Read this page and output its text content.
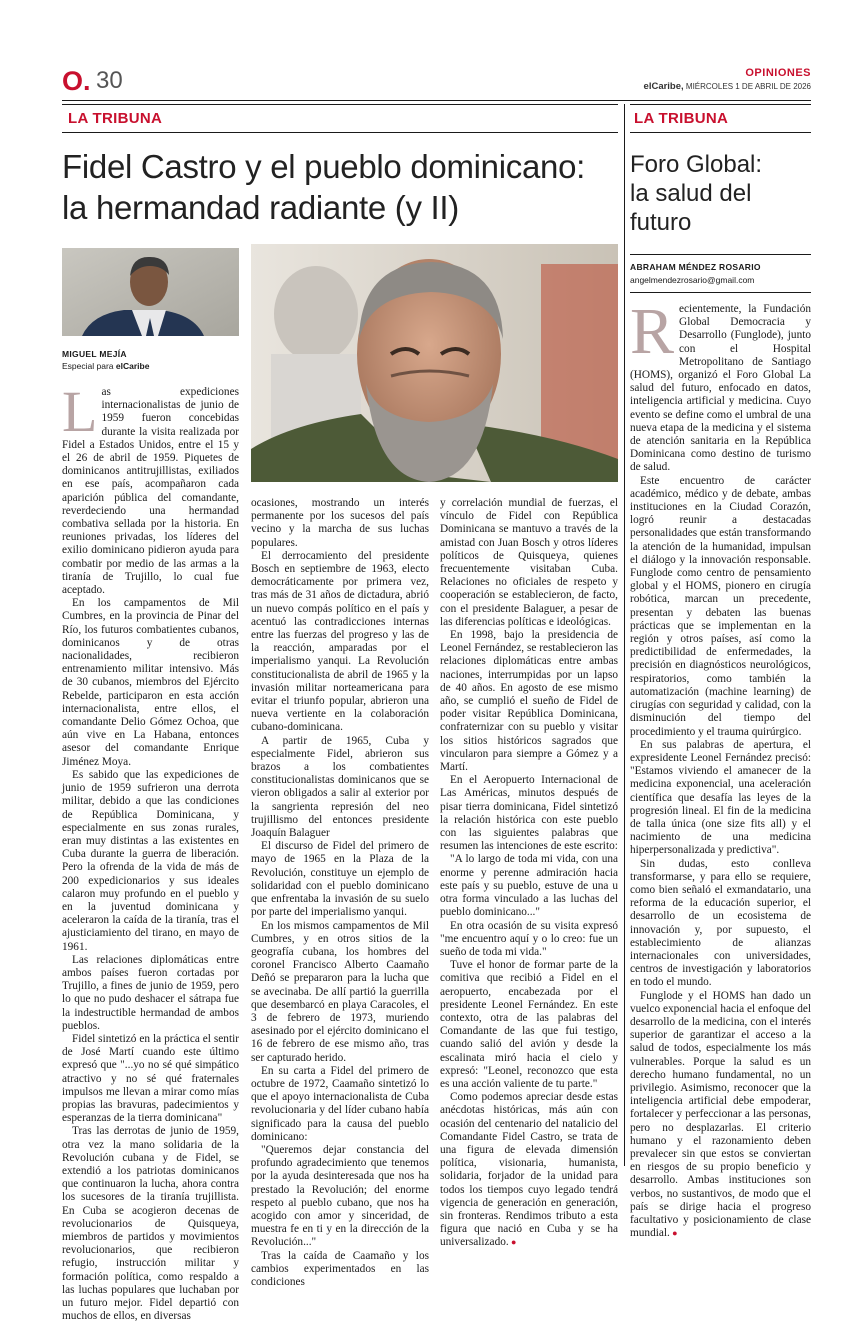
O. 30	OPINIONES
elCaribe, MIÉRCOLES 1 DE ABRIL DE 2026
LA TRIBUNA
Fidel Castro y el pueblo dominicano:
la hermandad radiante (y II)
MIGUEL MEJÍA
Especial para elCaribe

Las expediciones internacionalistas de junio de 1959 fueron concebidas durante la visita realizada por Fidel a Estados Unidos, entre el 15 y el 26 de abril de 1959. Piquetes de dominicanos antitrujillistas, exiliados en ese país, acompañaron cada aparición pública del comandante, reverdeciendo una hermandad combativa sellada por la historia. En reuniones privadas, los líderes del exilio dominicano pidieron ayuda para combatir por medio de las armas a la tiranía de Trujillo, lo cual fue aceptado.

En los campamentos de Mil Cumbres, en la provincia de Pinar del Río, los futuros combatientes cubanos, dominicanos y de otras nacionalidades, recibieron entrenamiento militar intensivo. Más de 30 cubanos, miembros del Ejército Rebelde, participaron en esta acción internacionalista, entre ellos, el comandante Delio Gómez Ochoa, que aún vive en La Habana, entonces asesor del comandante Enrique Jiménez Moya.

Es sabido que las expediciones de junio de 1959 sufrieron una derrota militar, debido a que las condiciones de República Dominicana, y especialmente en sus zonas rurales, eran muy distintas a las existentes en Cuba durante la guerra de liberación. Pero la ofrenda de la vida de más de 200 expedicionarios y sus ideales calaron muy profundo en el pueblo y en la juventud dominicana y aceleraron la caída de la tiranía, tras el ajusticiamiento del tirano, en mayo de 1961.

Las relaciones diplomáticas entre ambos países fueron cortadas por Trujillo, a fines de junio de 1959, pero lo que no pudo deshacer el sátrapa fue la indestructible hermandad de ambos pueblos.

Fidel sintetizó en la práctica el sentir de José Martí cuando este último expresó que "...yo no sé qué simpático atractivo y no sé qué fraternales impulsos me llevan a mirar como mías propias las bravuras, padecimientos y esperanzas de la tierra dominicana"

Tras las derrotas de junio de 1959, otra vez la mano solidaria de la Revolución cubana y de Fidel, se extendió a los patriotas dominicanos que continuaron la lucha, ahora contra los sucesores de la tiranía trujillista. En Cuba se acogieron decenas de revolucionarios de Quisqueya, miembros de partidos y movimientos revolucionarios, que recibieron refugio, instrucción militar y formación política, como respaldo a las luchas populares que luchaban por un futuro mejor. Fidel departió con muchos de ellos, en diversas

ocasiones, mostrando un interés permanente por los sucesos del país vecino y la marcha de sus luchas populares.

El derrocamiento del presidente Bosch en septiembre de 1963, electo democráticamente por primera vez, tras más de 31 años de dictadura, abrió un nuevo compás político en el país y acentuó las contradicciones internas entre las fuerzas del progreso y las de la reacción, amparadas por el imperialismo yanqui. La Revolución constitucionalista de abril de 1965 y la invasión militar norteamericana para evitar el triunfo popular, abrieron una nueva vertiente en la colaboración cubano-dominicana.

A partir de 1965, Cuba y especialmente Fidel, abrieron sus brazos a los combatientes constitucionalistas dominicanos que se vieron obligados a salir al exterior por la sangrienta represión del neo trujillismo del entonces presidente Joaquín Balaguer

El discurso de Fidel del primero de mayo de 1965 en la Plaza de la Revolución, constituye un ejemplo de solidaridad con el pueblo dominicano que enfrentaba la invasión de su suelo por parte del imperialismo yanqui.

En los mismos campamentos de Mil Cumbres, y en otros sitios de la geografía cubana, los hombres del coronel Francisco Alberto Caamaño Deñó se prepararon para la lucha que se avecinaba. De allí partió la guerrilla que desembarcó en playa Caracoles, el 3 de febrero de 1973, muriendo asesinado por el ejército dominicano el 16 de febrero de ese mismo año, tras ser capturado herido.

En su carta a Fidel del primero de octubre de 1972, Caamaño sintetizó lo que el apoyo internacionalista de Cuba revolucionaria y del líder cubano había significado para la causa del pueblo dominicano:

"Queremos dejar constancia del profundo agradecimiento que tenemos por la ayuda desinteresada que nos ha prestado la Revolución; del enorme respeto al pueblo cubano, que nos ha acogido con amor y sinceridad, de muestra fe en ti y en la dirección de la Revolución..."

Tras la caída de Caamaño y los cambios experimentados en las condiciones

y correlación mundial de fuerzas, el vínculo de Fidel con República Dominicana se mantuvo a través de la amistad con Juan Bosch y otros líderes políticos de Quisqueya, quienes frecuentemente visitaban Cuba. Relaciones no oficiales de respeto y cooperación se establecieron, de facto, con el presidente Balaguer, a pesar de las diferencias políticas e ideológicas.

En 1998, bajo la presidencia de Leonel Fernández, se restablecieron las relaciones diplomáticas entre ambas naciones, interrumpidas por un lapso de 40 años. En agosto de ese mismo año, se cumplió el sueño de Fidel de poder visitar República Dominicana, confraternizar con su pueblo y visitar los sitios históricos sagrados que vincularon para siempre a Gómez y a Martí.

En el Aeropuerto Internacional de Las Américas, minutos después de pisar tierra dominicana, Fidel sintetizó la relación histórica con este pueblo con las siguientes palabras que resumen las intenciones de este escrito:

"A lo largo de toda mi vida, con una enorme y perenne admiración hacia este país y su pueblo, estuve de una u otra forma vinculado a las luchas del pueblo dominicano..."

En otra ocasión de su visita expresó "me encuentro aquí y o lo creo: fue un sueño de toda mi vida."

Tuve el honor de formar parte de la comitiva que recibió a Fidel en el aeropuerto, encabezada por el presidente Leonel Fernández. En este contexto, otra de las palabras del Comandante de las que fui testigo, cuando salió del avión y desde la escalinata miró hacia el cielo y expresó: "Leonel, reconozco que esta es una acción valiente de tu parte."

Como podemos apreciar desde estas anécdotas históricas, más aún con ocasión del centenario del natalicio del Comandante Fidel Castro, se trata de una figura de elevada dimensión política, visionaria, humanista, solidaria, forjador de la unidad para todos los tiempos cuyo legado tendrá vigencia de generación en generación, sin fronteras. Rendimos tributo a esta figura que nació en Cuba y se ha universalizado. ●

LA TRIBUNA
Foro Global:
la salud del
futuro
ABRAHAM MÉNDEZ ROSARIO
angelmendezrosario@gmail.com

Recientemente, la Fundación Global Democracia y Desarrollo (Funglode), junto con el Hospital Metropolitano de Santiago (HOMS), organizó el Foro Global La salud del futuro, enfocado en datos, inteligencia artificial y medicina. Cuyo evento se define como el umbral de una nueva etapa de la medicina y el sistema de atención sanitaria en la República Dominicana como destino de turismo de salud.

Este encuentro de carácter académico, médico y de debate, ambas instituciones en la Ciudad Corazón, logró reunir a destacadas personalidades que están transformando la atención de la humanidad, impulsan el diálogo y la innovación responsable. Funglode como centro de pensamiento global y el HOMS, pionero en cirugía robótica, marcan un precedente, presentan y debaten las buenas prácticas que se implementan en la región y otros países, así como la predictibilidad de enfermedades, la precisión en diagnósticos neurológicos, respiratorios, como también la automatización (machine learning) de cirugías con seguridad y calidad, con la disminución del tiempo del procedimiento y el trauma quirúrgico.

En sus palabras de apertura, el expresidente Leonel Fernández precisó: "Estamos viviendo el amanecer de la medicina exponencial, una aceleración científica que desafía las leyes de la progresión lineal. El fin de la medicina de talla única (one size fits all) y el nacimiento de una medicina hiperpersonalizada y predictiva".

Sin dudas, esto conlleva transformarse, y para ello se requiere, como bien señaló el exmandatario, una reforma de la educación superior, el desarrollo de un ecosistema de innovación y, por supuesto, el establecimiento de alianzas internacionales con universidades, centros de investigación y laboratorios en todo el mundo.

Funglode y el HOMS han dado un vuelco exponencial hacia el enfoque del desarrollo de la medicina, con el interés superior de garantizar el acceso a la salud de todos, especialmente los más vulnerables. Porque la salud es un derecho humano fundamental, no un privilegio. Asimismo, reconocer que la inteligencia artificial debe empoderar, fortalecer y perfeccionar a las personas, pero no desplazarlas. El criterio humano y el razonamiento deben prevalecer sin que estos se conviertan en riesgos de su propio beneficio y desarrollo. Ambas instituciones son verbos, no sustantivos, de modo que el país se dirige hacia el progreso facultativo y posicionamiento de clase mundial. ●
